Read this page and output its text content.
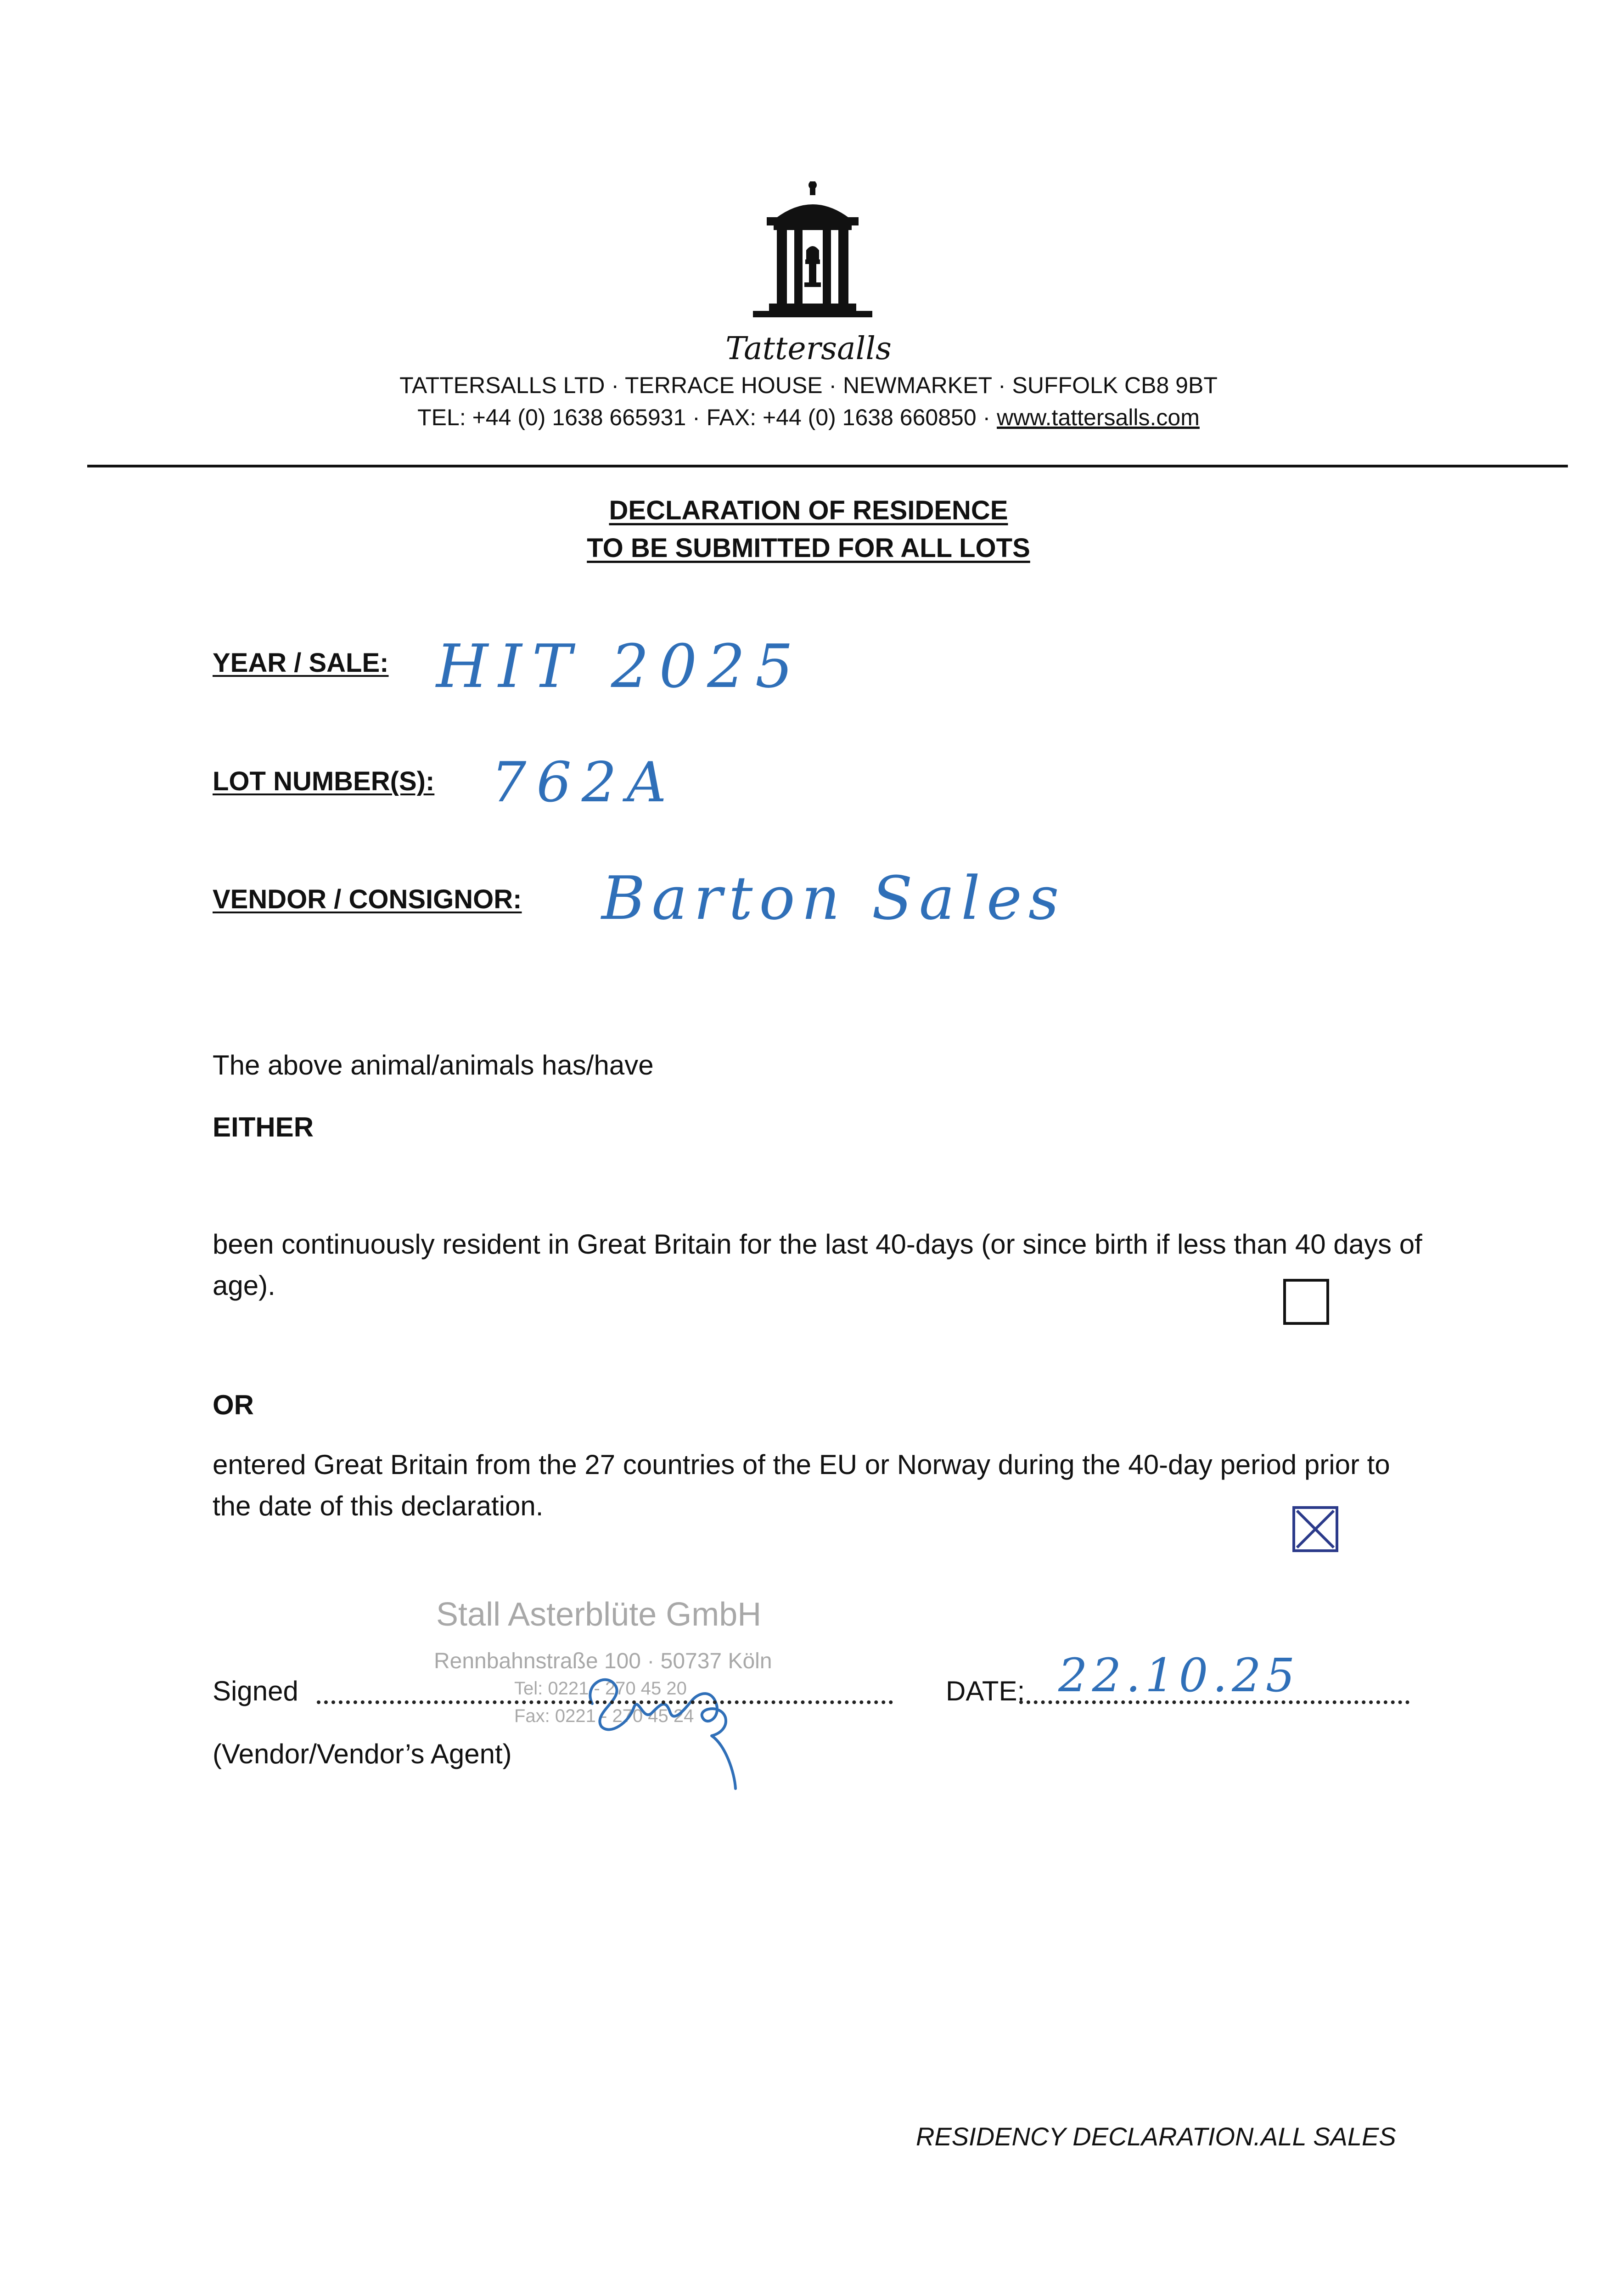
Tattersalls
TATTERSALLS LTD · TERRACE HOUSE · NEWMARKET · SUFFOLK CB8 9BT
TEL: +44 (0) 1638 665931 · FAX: +44 (0) 1638 660850 · www.tattersalls.com
DECLARATION OF RESIDENCE
TO BE SUBMITTED FOR ALL LOTS
YEAR / SALE: HIT 2025
LOT NUMBER(S): 762A
VENDOR / CONSIGNOR: Barton Sales
The above animal/animals has/have
EITHER
been continuously resident in Great Britain for the last 40-days (or since birth if less than 40 days of age).
OR
entered Great Britain from the 27 countries of the EU or Norway during the 40-day period prior to the date of this declaration.
Stall Asterblüte GmbH
Rennbahnstraße 100 · 50737 Köln
Tel: 0221 - 270 45 20
Fax: 0221 - 270 45 24
Signed
(Vendor/Vendor’s Agent)
DATE: 22.10.25
RESIDENCY DECLARATION.ALL SALES
